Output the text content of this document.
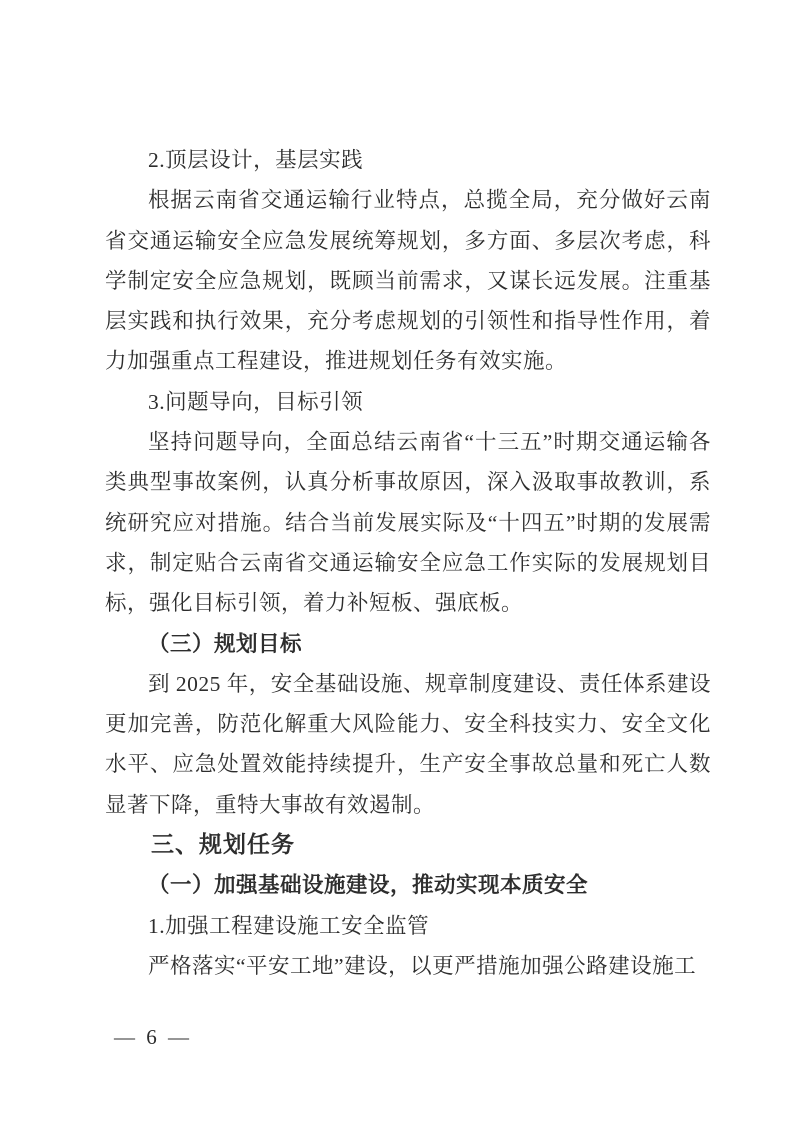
2.顶层设计，基层实践
根据云南省交通运输行业特点，总揽全局，充分做好云南省交通运输安全应急发展统筹规划，多方面、多层次考虑，科学制定安全应急规划，既顾当前需求，又谋长远发展。注重基层实践和执行效果，充分考虑规划的引领性和指导性作用，着力加强重点工程建设，推进规划任务有效实施。
3.问题导向，目标引领
坚持问题导向，全面总结云南省“十三五”时期交通运输各类典型事故案例，认真分析事故原因，深入汲取事故教训，系统研究应对措施。结合当前发展实际及“十四五”时期的发展需求，制定贴合云南省交通运输安全应急工作实际的发展规划目标，强化目标引领，着力补短板、强底板。
（三）规划目标
到 2025 年，安全基础设施、规章制度建设、责任体系建设更加完善，防范化解重大风险能力、安全科技实力、安全文化水平、应急处置效能持续提升，生产安全事故总量和死亡人数显著下降，重特大事故有效遏制。
三、规划任务
（一）加强基础设施建设，推动实现本质安全
1.加强工程建设施工安全监管
严格落实“平安工地”建设，以更严措施加强公路建设施工
— 6 —
